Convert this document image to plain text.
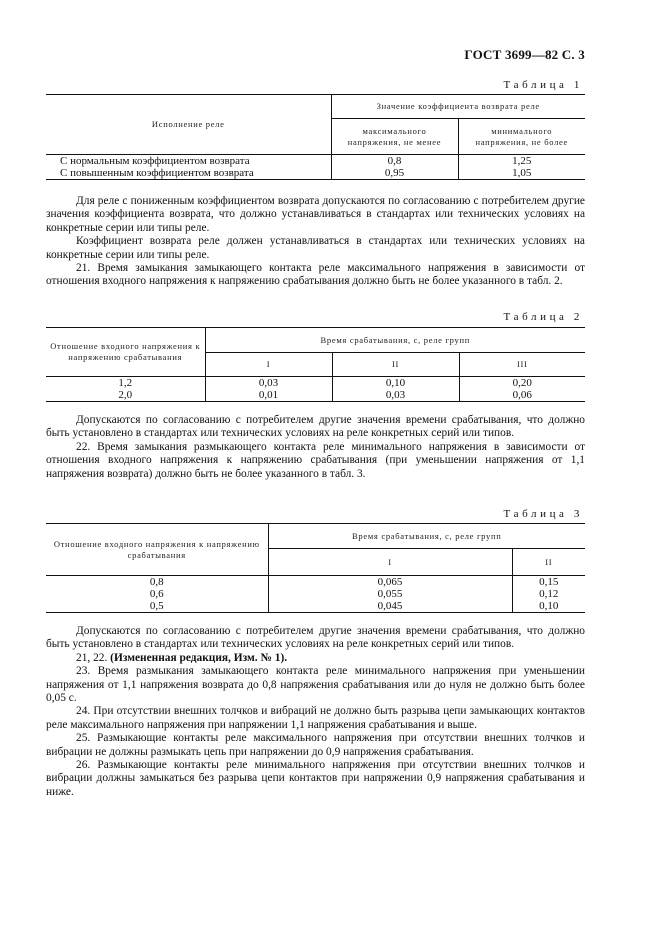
ГОСТ 3699—82 С. 3
Таблица 1
Исполнение реле	Значение коэффициента возврата реле	
	максимального напряжения, не менее	минимального напряжения, не более
С нормальным коэффициентом возврата	0,8	1,25
С повышенным коэффициентом возврата	0,95	1,05

Для реле с пониженным коэффициентом возврата допускаются по согласованию с потребителем другие значения коэффициента возврата, что должно устанавливаться в стандартах или технических условиях на конкретные серии или типы реле.

Коэффициент возврата реле должен устанавливаться в стандартах или технических условиях на конкретные серии или типы реле.

21. Время замыкания замыкающего контакта реле максимального напряжения в зависимости от отношения входного напряжения к напряжению срабатывания должно быть не более указанного в табл. 2.

Таблица 2
Отношение входного напряжения к напряжению срабатывания	Время срабатывания, с, реле групп		
	I	II	III
1,2	0,03	0,10	0,20
2,0	0,01	0,03	0,06

Допускаются по согласованию с потребителем другие значения времени срабатывания, что должно быть установлено в стандартах или технических условиях на реле конкретных серий или типов.

22. Время замыкания размыкающего контакта реле минимального напряжения в зависимости от отношения входного напряжения к напряжению срабатывания (при уменьшении напряжения от 1,1 напряжения возврата) должно быть не более указанного в табл. 3.

Таблица 3
Отношение входного напряжения к напряжению срабатывания	Время срабатывания, с, реле групп	
	I	II
0,8	0,065	0,15
0,6	0,055	0,12
0,5	0,045	0,10

Допускаются по согласованию с потребителем другие значения времени срабатывания, что должно быть установлено в стандартах или технических условиях на реле конкретных серий или типов.

21, 22. (Измененная редакция, Изм. № 1).

23. Время размыкания замыкающего контакта реле минимального напряжения при уменьшении напряжения от 1,1 напряжения возврата до 0,8 напряжения срабатывания или до нуля не должно быть более 0,05 с.

24. При отсутствии внешних толчков и вибраций не должно быть разрыва цепи замыкающих контактов реле максимального напряжения при напряжении 1,1 напряжения срабатывания и выше.

25. Размыкающие контакты реле максимального напряжения при отсутствии внешних толчков и вибрации не должны размыкать цепь при напряжении до 0,9 напряжения срабатывания.

26. Размыкающие контакты реле минимального напряжения при отсутствии внешних толчков и вибрации должны замыкаться без разрыва цепи контактов при напряжении 0,9 напряжения срабатывания и ниже.
